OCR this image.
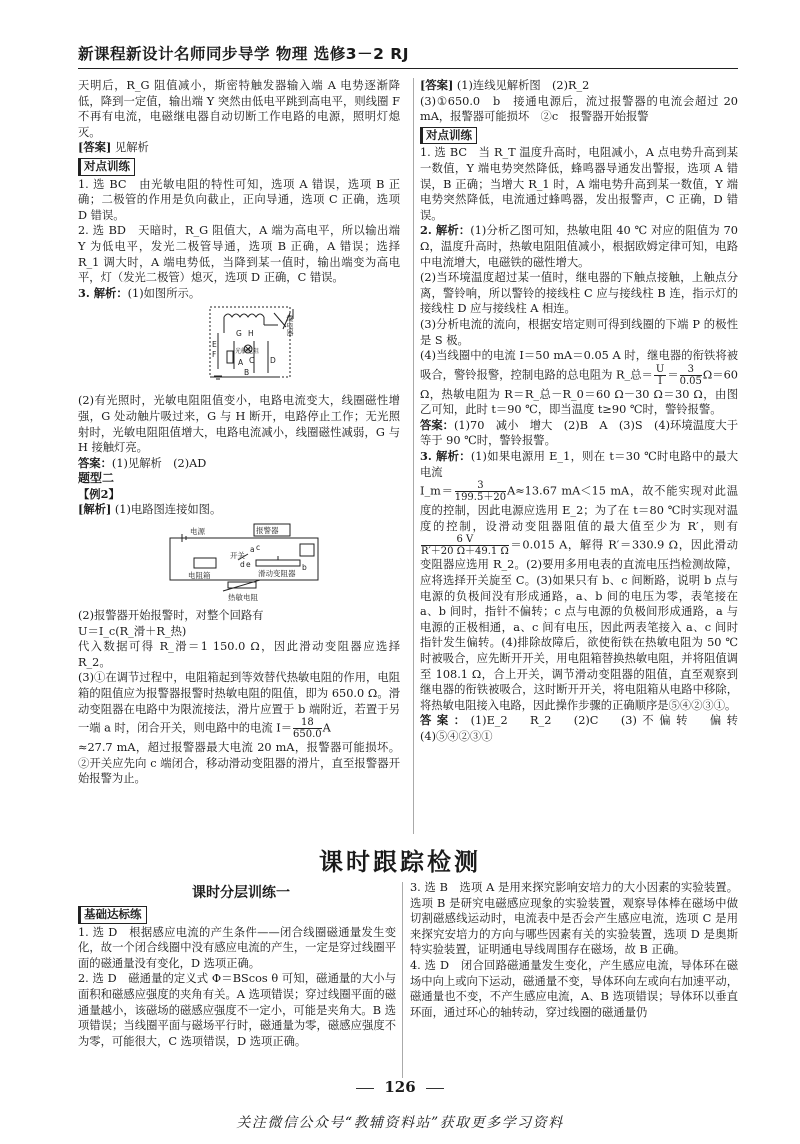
新课程新设计名师同步导学 物理 选修3－2 RJ

天明后，R_G 阻值减小，斯密特触发器输入端 A 电势逐渐降低，降到一定值，输出端 Y 突然由低电平跳到高电平，则线圈 F 不再有电流，电磁继电器自动切断工作电路的电源，照明灯熄灭。

[答案] 见解析

对点训练

1. 选 BC　由光敏电阻的特性可知，选项 A 错误，选项 B 正确；二极管的作用是负向截止，正向导通，选项 C 正确，选项 D 错误。

2. 选 BD　天暗时，R_G 阻值大，A 端为高电平，所以输出端 Y 为低电平，发光二极管导通，选项 B 正确，A 错误；选择 R_1 调大时，A 端电势低，当降到某一值时，输出端变为高电平，灯（发光二极管）熄灭，选项 D 正确，C 错误。

3. 解析：(1)如图所示。

继电器
E
F	光敏电阻
G H
C D
A
B

(2)有光照时，光敏电阻阻值变小，电路电流变大，线圈磁性增强，G 处动触片吸过来，G 与 H 断开，电路停止工作；无光照射时，光敏电阻阻值增大，电路电流减小，线圈磁性减弱，G 与 H 接触灯亮。

答案：(1)见解析　(2)AD

题型二

【例2】

[解析] (1)电路图连接如图。

电源	报警器
电阻箱
开关
滑动变阻器
热敏电阻
a
b
c
d e

(2)报警器开始报警时，对整个回路有

U＝I_c(R_滑＋R_热)

代入数据可得 R_滑＝1 150.0 Ω，因此滑动变阻器应选择 R_2。

(3)①在调节过程中，电阻箱起到等效替代热敏电阻的作用，电阻箱的阻值应为报警器报警时热敏电阻的阻值，即为 650.0 Ω。滑动变阻器在电路中为限流接法，滑片应置于 b 端附近，若置于另一端 a 时，闭合开关，则电路中的电流 $I= \frac{18}{650.0}$ A

≈27.7 mA，超过报警器最大电流 20 mA，报警器可能损坏。②开关应先向 c 端闭合，移动滑动变阻器的滑片，直至报警器开始报警为止。

[答案] (1)连线见解析图　(2)R_2

(3)①650.0　b　接通电源后，流过报警器的电流会超过 20 mA，报警器可能损坏　②c　报警器开始报警

对点训练

1. 选 BC　当 R_T 温度升高时，电阻减小，A 点电势升高到某一数值，Y 端电势突然降低，蜂鸣器导通发出警报，选项 A 错误，B 正确；当增大 R_1 时，A 端电势升高到某一数值，Y 端电势突然降低，电流通过蜂鸣器，发出报警声，C 正确，D 错误。

2. 解析：(1)分析乙图可知，热敏电阻 40 ℃ 对应的阻值为 70 Ω，温度升高时，热敏电阻阻值减小，根据欧姆定律可知，电路中电流增大，电磁铁的磁性增大。

(2)当环境温度超过某一值时，继电器的下触点接触，上触点分离，警铃响，所以警铃的接线柱 C 应与接线柱 B 连，指示灯的接线柱 D 应与接线柱 A 相连。

(3)分析电流的流向，根据安培定则可得到线圈的下端 P 的极性是 S 极。

(4)当线圈中的电流 I＝50 mA＝0.05 A 时，继电器的衔铁将被吸合，警铃报警，控制电路的总电阻为 R_总＝ $\frac{U}{I} = \frac{3}{0.05} \Omega=60$ Ω，热敏电阻为 R＝R_总－R_0＝60 Ω－30 Ω＝30 Ω，由图乙可知，此时 t＝90 ℃，即当温度 t≥90 ℃时，警铃报警。

答案：(1)70　减小　增大　(2)B　A　(3)S　(4)环境温度大于等于 90 ℃时，警铃报警。

3. 解析：(1)如果电源用 E_1，则在 t＝30 ℃时电路中的最大电流

I_m＝ $\frac{3}{199.5+20} A\approx 13.67$ mA＜15 mA，故不能实现对此温度的控制，因此电源应选用 E_2；为了在 t＝80 ℃时实现对温度的控制，设滑动变阻器阻值的最大值至少为 R′，则有
$\frac{6 V}{R'+20 \Omega+49.1 \Omega} =0.015$ A，解得 R′＝330.9 Ω，因此滑动变阻器应选用 R_2。(2)要用多用电表的直流电压挡检测故障，应将选择开关旋至 C。(3)如果只有 b、c 间断路，说明 b 点与电源的负极间没有形成通路，a、b 间的电压为零，表笔接在 a、b 间时，指针不偏转；c 点与电源的负极间形成通路，a 与电源的正极相通，a、c 间有电压，因此两表笔接入 a、c 间时指针发生偏转。(4)排除故障后，欲使衔铁在热敏电阻为 50 ℃时被吸合，应先断开开关，用电阻箱替换热敏电阻，并将阻值调至 108.1 Ω，合上开关，调节滑动变阻器的阻值，直至观察到继电器的衔铁被吸合，这时断开开关，将电阻箱从电路中移除，将热敏电阻接入电路，因此操作步骤的正确顺序是⑤④②③①。

答案：(1)E_2　R_2　(2)C　(3)不偏转　偏转　(4)⑤④②③①

课时跟踪检测
课时分层训练一
基础达标练

1. 选 D　根据感应电流的产生条件——闭合线圈磁通量发生变化，故一个闭合线圈中没有感应电流的产生，一定是穿过线圈平面的磁通量没有变化，D 选项正确。

2. 选 D　磁通量的定义式 Φ＝BScos θ 可知，磁通量的大小与面积和磁感应强度的夹角有关。A 选项错误；穿过线圈平面的磁通量越小，该磁场的磁感应强度不一定小，可能是夹角大。B 选项错误；当线圈平面与磁场平行时，磁通量为零，磁感应强度不为零，可能很大，C 选项错误，D 选项正确。

3. 选 B　选项 A 是用来探究影响安培力的大小因素的实验装置。选项 B 是研究电磁感应现象的实验装置，观察导体棒在磁场中做切割磁感线运动时，电流表中是否会产生感应电流，选项 C 是用来探究安培力的方向与哪些因素有关的实验装置，选项 D 是奥斯特实验装置，证明通电导线周围存在磁场，故 B 正确。

4. 选 D　闭合回路磁通量发生变化，产生感应电流，导体环在磁场中向上或向下运动，磁通量不变，导体环向左或向右加速平动，磁通量也不变，不产生感应电流，A、B 选项错误；导体环以垂直环面，通过环心的轴转动，穿过线圈的磁通量仍

126
关注微信公众号“教辅资料站”获取更多学习资料
